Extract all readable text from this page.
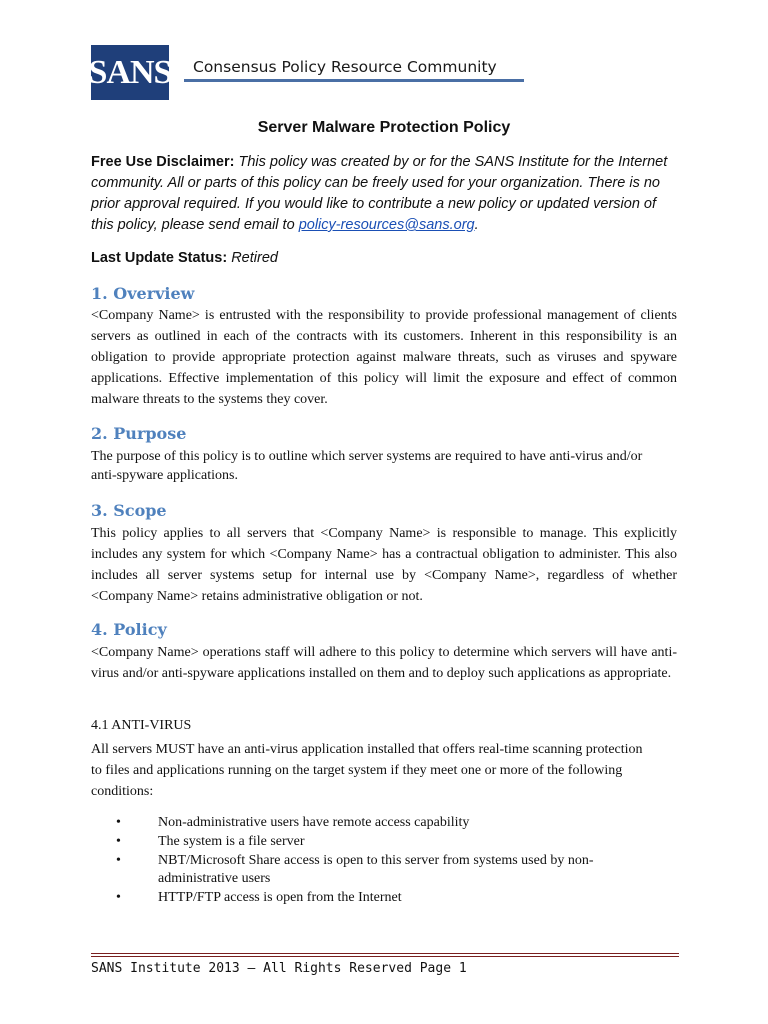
SANS Consensus Policy Resource Community
Server Malware Protection Policy
Free Use Disclaimer: This policy was created by or for the SANS Institute for the Internet community. All or parts of this policy can be freely used for your organization. There is no prior approval required. If you would like to contribute a new policy or updated version of this policy, please send email to policy-resources@sans.org.
Last Update Status: Retired
1. Overview
<Company Name> is entrusted with the responsibility to provide professional management of clients servers as outlined in each of the contracts with its customers. Inherent in this responsibility is an obligation to provide appropriate protection against malware threats, such as viruses and spyware applications. Effective implementation of this policy will limit the exposure and effect of common malware threats to the systems they cover.
2. Purpose
The purpose of this policy is to outline which server systems are required to have anti-virus and/or anti-spyware applications.
3. Scope
This policy applies to all servers that <Company Name> is responsible to manage. This explicitly includes any system for which <Company Name> has a contractual obligation to administer. This also includes all server systems setup for internal use by <Company Name>, regardless of whether <Company Name> retains administrative obligation or not.
4. Policy
<Company Name> operations staff will adhere to this policy to determine which servers will have anti-virus and/or anti-spyware applications installed on them and to deploy such applications as appropriate.
4.1 ANTI-VIRUS
All servers MUST have an anti-virus application installed that offers real-time scanning protection to files and applications running on the target system if they meet one or more of the following conditions:
•	Non-administrative users have remote access capability
•	The system is a file server
•	NBT/Microsoft Share access is open to this server from systems used by non-administrative users
•	HTTP/FTP access is open from the Internet
SANS Institute 2013 – All Rights Reserved Page 1
